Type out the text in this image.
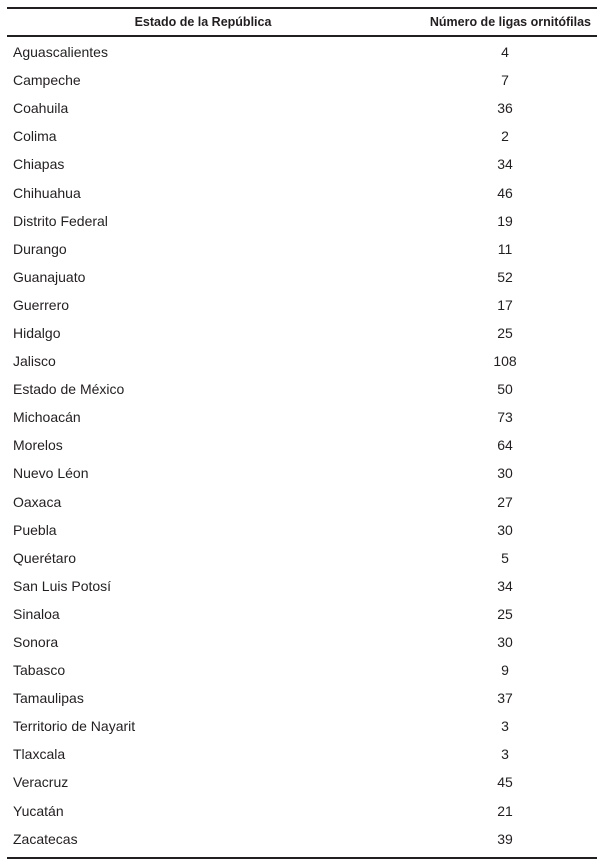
Estado de la República	Número de ligas ornitófilas
Aguascalientes	4
Campeche	7
Coahuila	36
Colima	2
Chiapas	34
Chihuahua	46
Distrito Federal	19
Durango	11
Guanajuato	52
Guerrero	17
Hidalgo	25
Jalisco	108
Estado de México	50
Michoacán	73
Morelos	64
Nuevo Léon	30
Oaxaca	27
Puebla	30
Querétaro	5
San Luis Potosí	34
Sinaloa	25
Sonora	30
Tabasco	9
Tamaulipas	37
Territorio de Nayarit	3
Tlaxcala	3
Veracruz	45
Yucatán	21
Zacatecas	39
